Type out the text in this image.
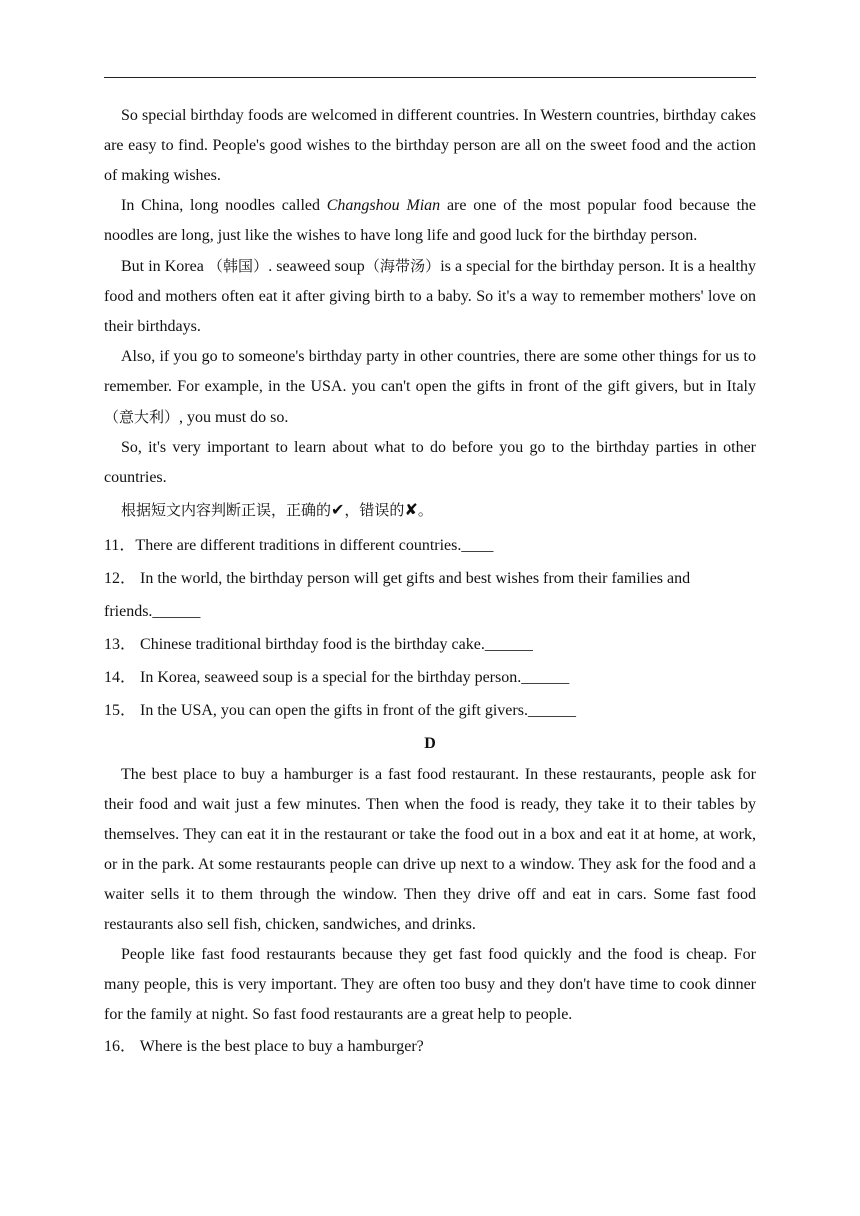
So special birthday foods are welcomed in different countries. In Western countries, birthday cakes are easy to find. People's good wishes to the birthday person are all on the sweet food and the action of making wishes.

In China, long noodles called Changshou Mian are one of the most popular food because the noodles are long, just like the wishes to have long life and good luck for the birthday person.

But in Korea （韩国）. seaweed soup（海带汤）is a special for the birthday person. It is a healthy food and mothers often eat it after giving birth to a baby. So it's a way to remember mothers' love on their birthdays.

Also, if you go to someone's birthday party in other countries, there are some other things for us to remember. For example, in the USA. you can't open the gifts in front of the gift givers, but in Italy（意大利）, you must do so.

So, it's very important to learn about what to do before you go to the birthday parties in other countries.

根据短文内容判断正误，正确的✔，错误的✘。

11．There are different traditions in different countries.____

12． In the world, the birthday person will get gifts and best wishes from their families and friends.______

13． Chinese traditional birthday food is the birthday cake.______

14． In Korea, seaweed soup is a special for the birthday person.______

15． In the USA, you can open the gifts in front of the gift givers.______

D

The best place to buy a hamburger is a fast food restaurant. In these restaurants, people ask for their food and wait just a few minutes. Then when the food is ready, they take it to their tables by themselves. They can eat it in the restaurant or take the food out in a box and eat it at home, at work, or in the park. At some restaurants people can drive up next to a window. They ask for the food and a waiter sells it to them through the window. Then they drive off and eat in cars. Some fast food restaurants also sell fish, chicken, sandwiches, and drinks.

People like fast food restaurants because they get fast food quickly and the food is cheap. For many people, this is very important. They are often too busy and they don't have time to cook dinner for the family at night. So fast food restaurants are a great help to people.

16． Where is the best place to buy a hamburger?
